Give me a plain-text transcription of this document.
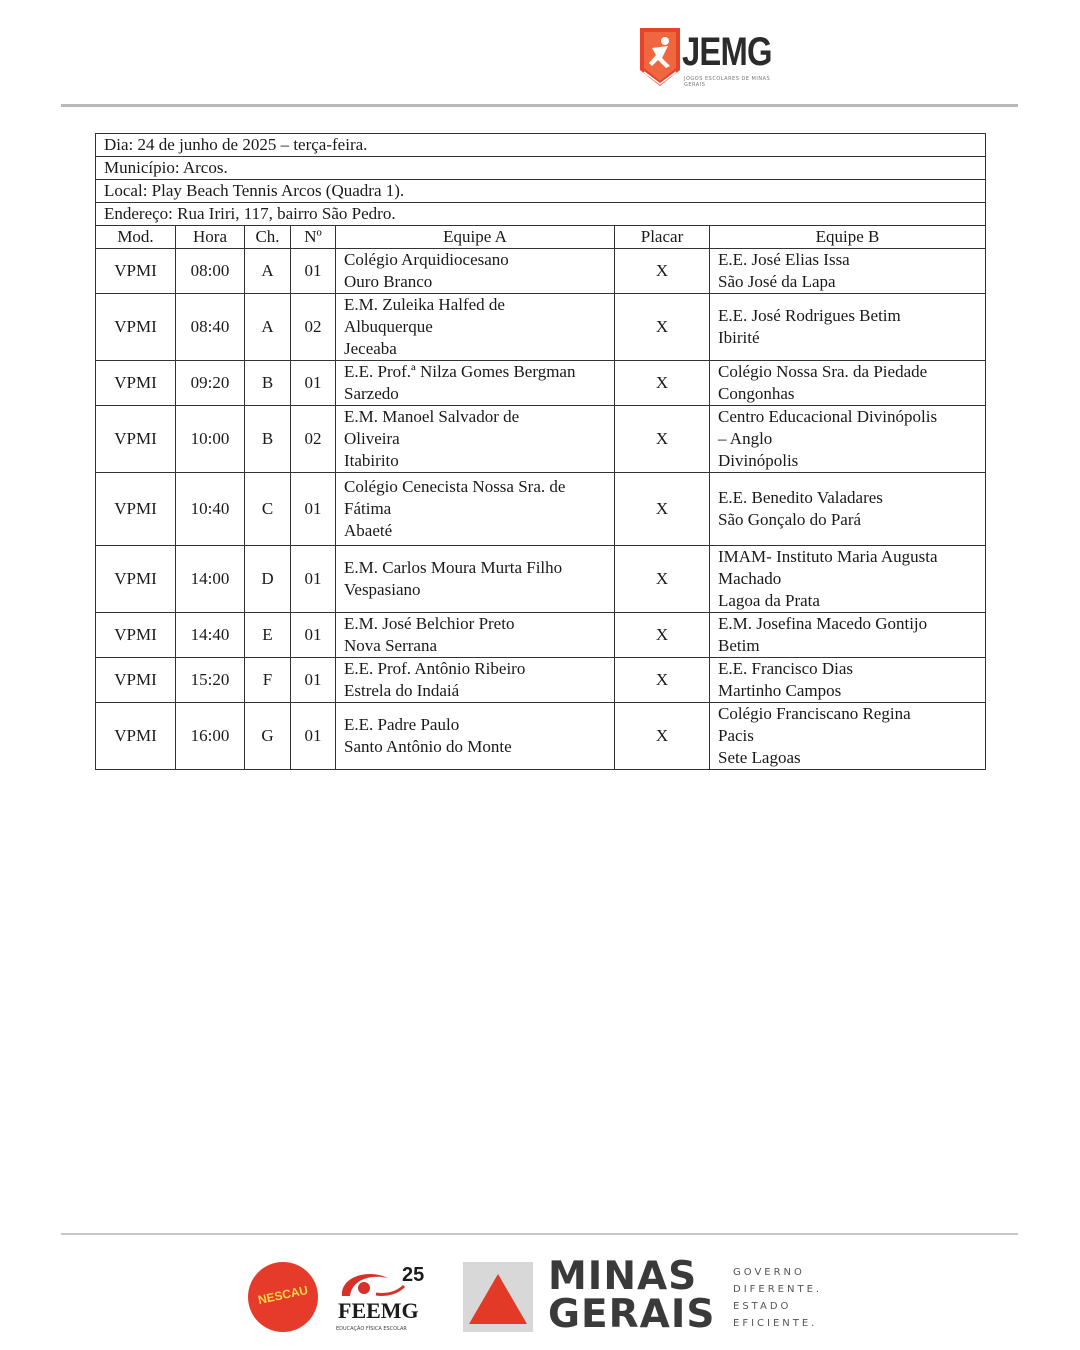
JEMG
JOGOS ESCOLARES DE MINAS GERAIS
Dia: 24 de junho de 2025 – terça-feira.						
Município: Arcos.						
Local: Play Beach Tennis Arcos (Quadra 1).						
Endereço: Rua Iriri, 117, bairro São Pedro.						
Mod.	Hora	Ch.	Nº	Equipe A	Placar	Equipe B
VPMI	08:00	A	01	Colégio Arquidiocesano
Ouro Branco	X	E.E. José Elias Issa
São José da Lapa

VPMI	08:40	A	02	E.M. Zuleika Halfed de
Albuquerque
Jeceaba	X	E.E. José Rodrigues Betim
Ibirité

VPMI	09:20	B	01	E.E. Prof.ª Nilza Gomes Bergman
Sarzedo	X	Colégio Nossa Sra. da Piedade
Congonhas

VPMI	10:00	B	02	E.M. Manoel Salvador de
Oliveira
Itabirito	X	Centro Educacional Divinópolis
– Anglo
Divinópolis

VPMI	10:40	C	01	Colégio Cenecista Nossa Sra. de
Fátima
Abaeté	X	E.E. Benedito Valadares
São Gonçalo do Pará

VPMI	14:00	D	01	E.M. Carlos Moura Murta Filho
Vespasiano	X	IMAM- Instituto Maria Augusta
Machado
Lagoa da Prata

VPMI	14:40	E	01	E.M. José Belchior Preto
Nova Serrana	X	E.M. Josefina Macedo Gontijo
Betim

VPMI	15:20	F	01	E.E. Prof. Antônio Ribeiro
Estrela do Indaiá	X	E.E. Francisco Dias
Martinho Campos

VPMI	16:00	G	01	E.E. Padre Paulo
Santo Antônio do Monte	X	Colégio Franciscano Regina
Pacis
Sete Lagoas
NESCAU
25
FEEMG
EDUCAÇÃO FÍSICA ESCOLAR
MINAS
GERAIS
GOVERNO
DIFERENTE.
ESTADO
EFICIENTE.
